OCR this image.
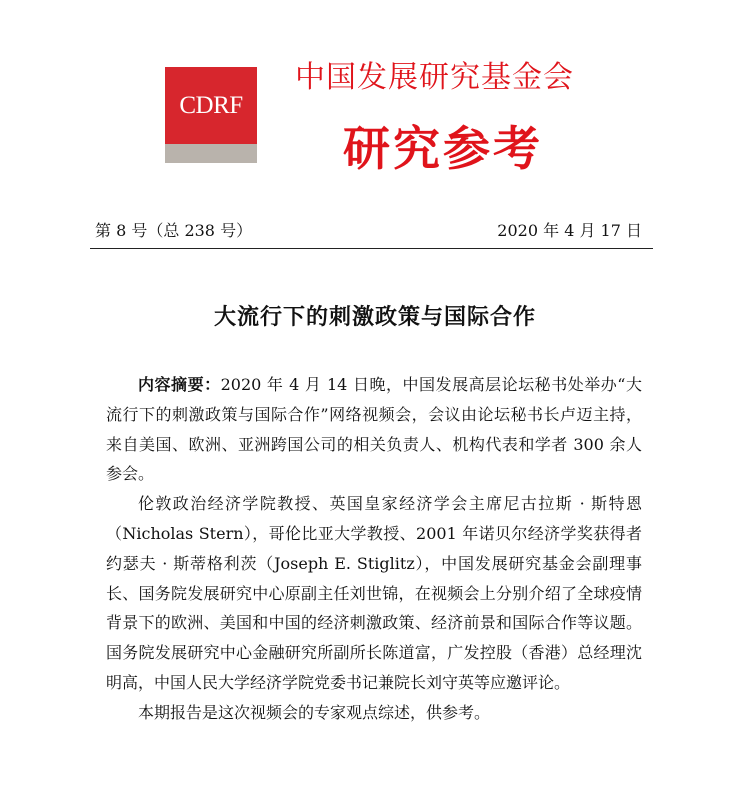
CDRF
中国发展研究基金会
研究参考
第 8 号（总 238 号）	2020 年 4 月 17 日
大流行下的刺激政策与国际合作

内容摘要：2020 年 4 月 14 日晚，中国发展高层论坛秘书处举办“大流行下的刺激政策与国际合作”网络视频会，会议由论坛秘书长卢迈主持，来自美国、欧洲、亚洲跨国公司的相关负责人、机构代表和学者 300 余人参会。

伦敦政治经济学院教授、英国皇家经济学会主席尼古拉斯 · 斯特恩（Nicholas Stern），哥伦比亚大学教授、2001 年诺贝尔经济学奖获得者约瑟夫 · 斯蒂格利茨（Joseph E. Stiglitz），中国发展研究基金会副理事长、国务院发展研究中心原副主任刘世锦，在视频会上分别介绍了全球疫情背景下的欧洲、美国和中国的经济刺激政策、经济前景和国际合作等议题。国务院发展研究中心金融研究所副所长陈道富，广发控股（香港）总经理沈明高，中国人民大学经济学院党委书记兼院长刘守英等应邀评论。

本期报告是这次视频会的专家观点综述，供参考。
